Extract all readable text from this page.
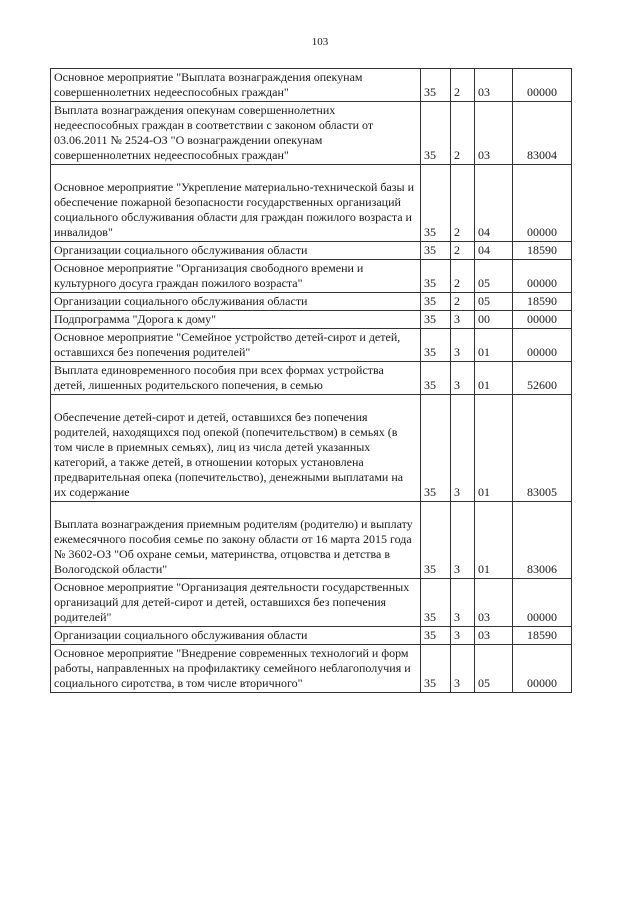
103
Основное мероприятие "Выплата вознаграждения опекунам совершеннолетних недееспособных граждан"	35	2	03	00000
Выплата вознаграждения опекунам совершеннолетних недееспособных граждан в соответствии с законом области от 03.06.2011 № 2524-ОЗ "О вознаграждении опекунам совершеннолетних недееспособных граждан"	35	2	03	83004

Основное мероприятие "Укрепление материально-технической базы и обеспечение пожарной безопасности государственных организаций социального обслуживания области для граждан пожилого возраста и инвалидов"	35	2	04	00000
Организации социального обслуживания области	35	2	04	18590
Основное мероприятие "Организация свободного времени и культурного досуга граждан пожилого возраста"	35	2	05	00000
Организации социального обслуживания области	35	2	05	18590
Подпрограмма "Дорога к дому"	35	3	00	00000
Основное мероприятие "Семейное устройство детей-сирот и детей, оставшихся без попечения родителей"	35	3	01	00000
Выплата единовременного пособия при всех формах устройства детей, лишенных родительского попечения, в семью	35	3	01	52600

Обеспечение детей-сирот и детей, оставшихся без попечения родителей, находящихся под опекой (попечительством) в семьях (в том числе в приемных семьях), лиц из числа детей указанных категорий, а также детей, в отношении которых установлена предварительная опека (попечительство), денежными выплатами на их содержание	35	3	01	83005

Выплата вознаграждения приемным родителям (родителю) и выплату ежемесячного пособия семье по закону области от 16 марта 2015 года № 3602-ОЗ "Об охране семьи, материнства, отцовства и детства в Вологодской области"	35	3	01	83006
Основное мероприятие "Организация деятельности государственных организаций для детей-сирот и детей, оставшихся без попечения родителей"	35	3	03	00000
Организации социального обслуживания области	35	3	03	18590
Основное мероприятие "Внедрение современных технологий и форм работы, направленных на профилактику семейного неблагополучия и социального сиротства, в том числе вторичного"	35	3	05	00000
